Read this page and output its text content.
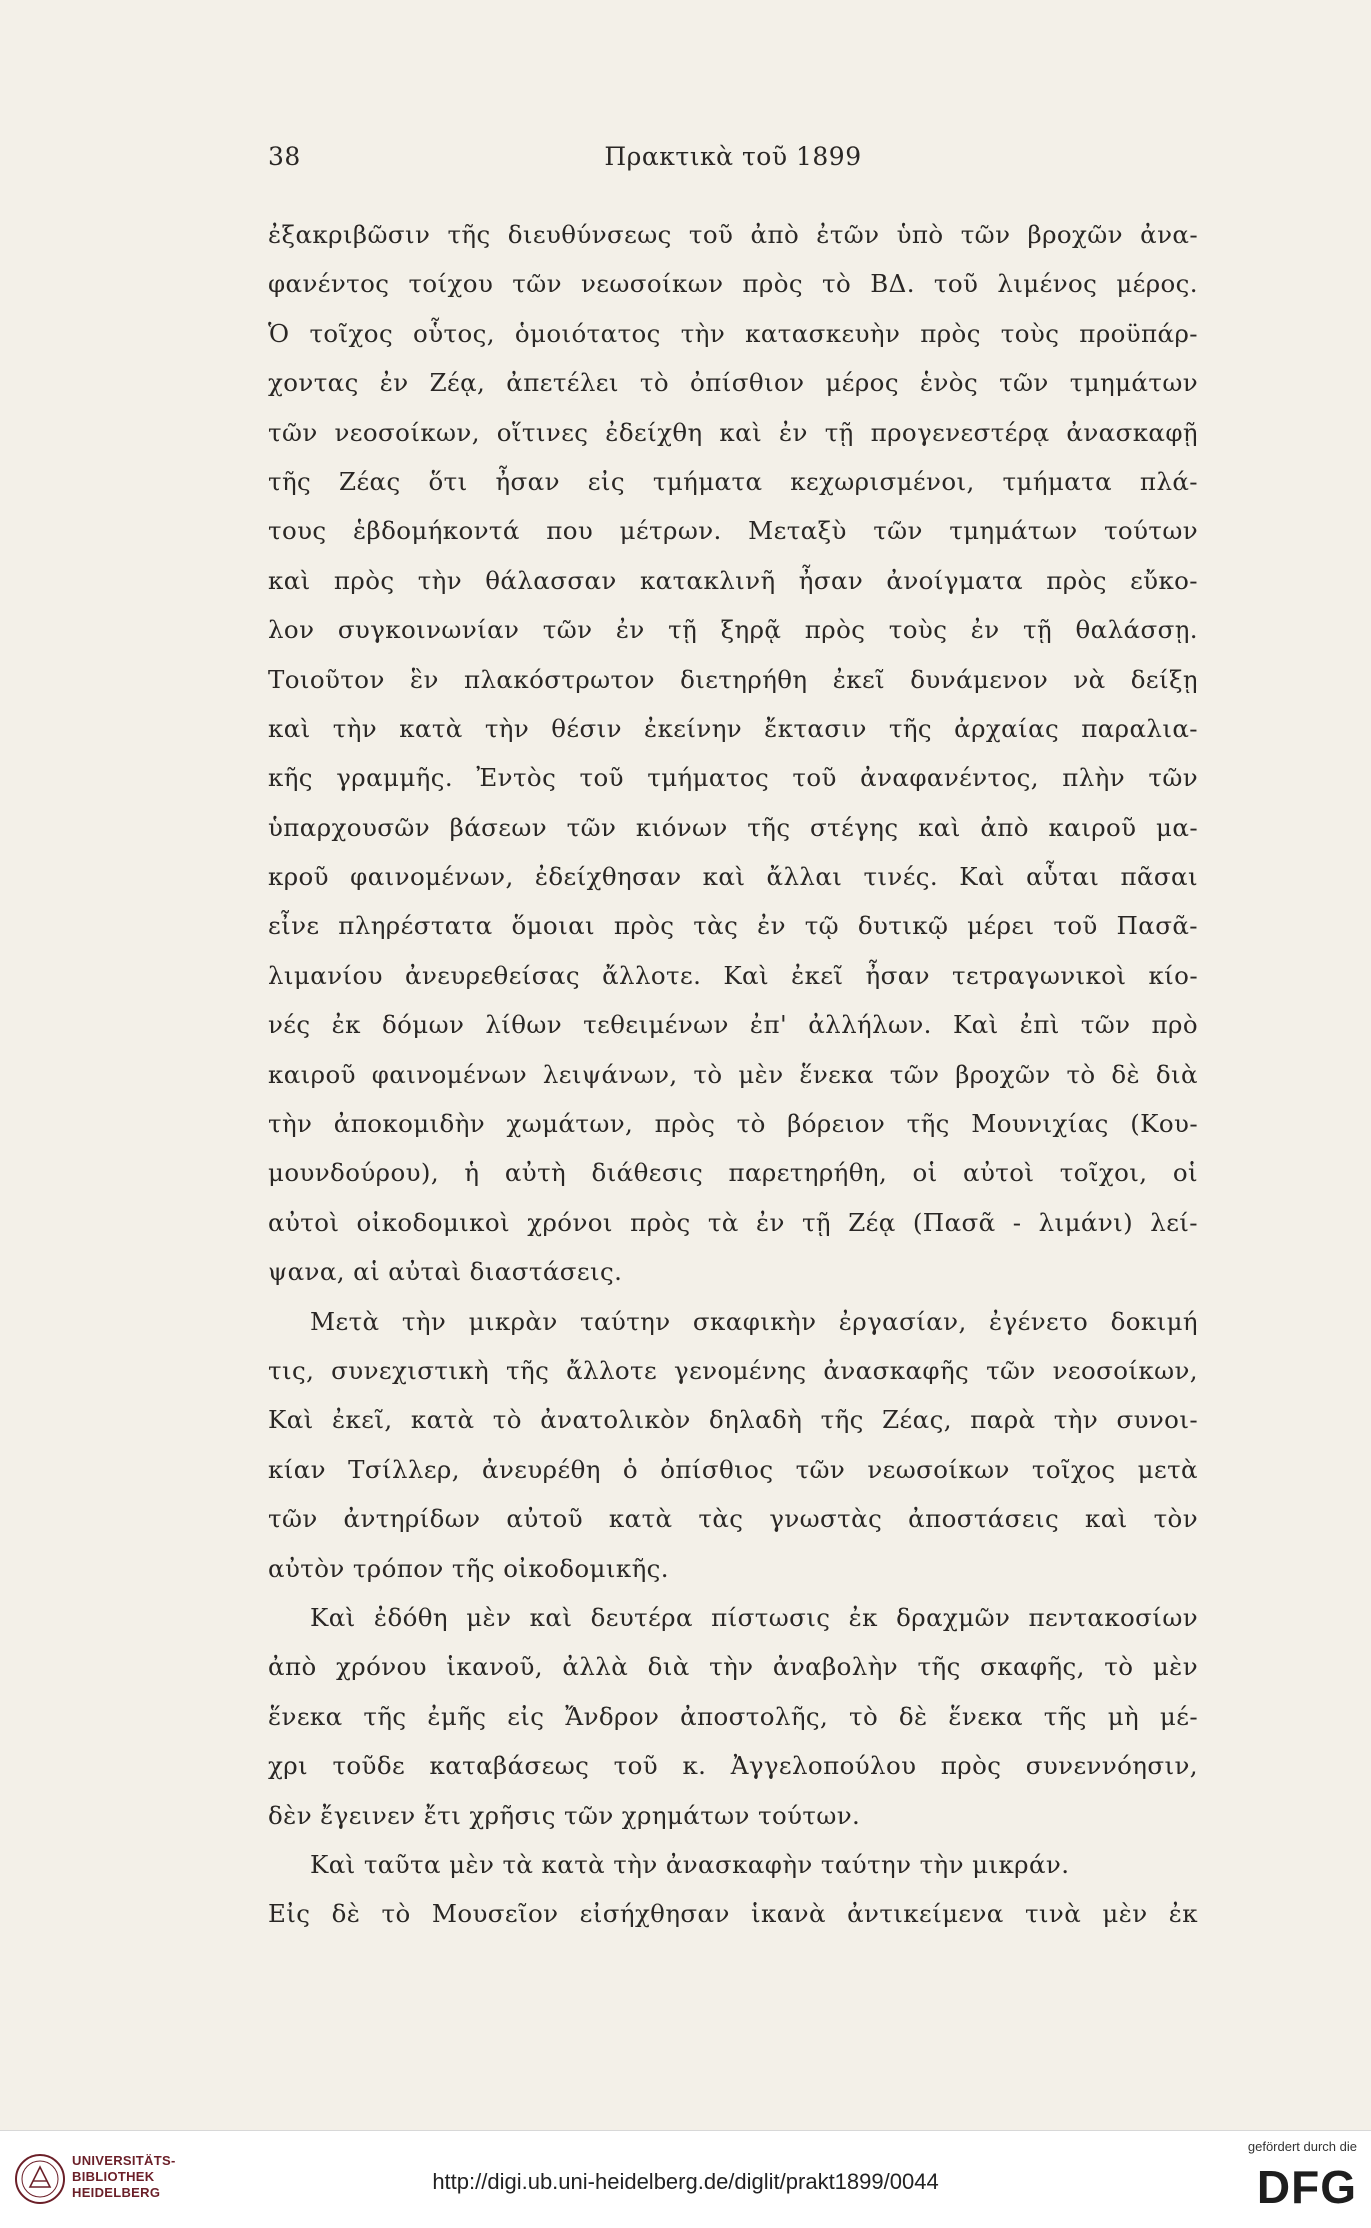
38	Πρακτικὰ τοῦ 1899
ἐξακριβῶσιν τῆς διευθύνσεως τοῦ ἀπὸ ἐτῶν ὑπὸ τῶν βροχῶν ἀνα-
φανέντος τοίχου τῶν νεωσοίκων πρὸς τὸ ΒΔ. τοῦ λιμένος μέρος.
Ὁ τοῖχος οὗτος, ὁμοιότατος τὴν κατασκευὴν πρὸς τοὺς προϋπάρ-
χοντας ἐν Ζέᾳ, ἀπετέλει τὸ ὀπίσθιον μέρος ἑνὸς τῶν τμημάτων
τῶν νεοσοίκων, οἵτινες ἐδείχθη καὶ ἐν τῇ προγενεστέρᾳ ἀνασκαφῇ
τῆς Ζέας ὅτι ἦσαν εἰς τμήματα κεχωρισμένοι, τμήματα πλά-
τους ἑβδομήκοντά που μέτρων. Μεταξὺ τῶν τμημάτων τούτων
καὶ πρὸς τὴν θάλασσαν κατακλινῆ ἦσαν ἀνοίγματα πρὸς εὔκο-
λον συγκοινωνίαν τῶν ἐν τῇ ξηρᾷ πρὸς τοὺς ἐν τῇ θαλάσσῃ.
Τοιοῦτον ἓν πλακόστρωτον διετηρήθη ἐκεῖ δυνάμενον νὰ δείξῃ
καὶ τὴν κατὰ τὴν θέσιν ἐκείνην ἔκτασιν τῆς ἀρχαίας παραλια-
κῆς γραμμῆς. Ἐντὸς τοῦ τμήματος τοῦ ἀναφανέντος, πλὴν τῶν
ὑπαρχουσῶν βάσεων τῶν κιόνων τῆς στέγης καὶ ἀπὸ καιροῦ μα-
κροῦ φαινομένων, ἐδείχθησαν καὶ ἄλλαι τινές. Καὶ αὗται πᾶσαι
εἶνε πληρέστατα ὅμοιαι πρὸς τὰς ἐν τῷ δυτικῷ μέρει τοῦ Πασᾶ-
λιμανίου ἀνευρεθείσας ἄλλοτε. Καὶ ἐκεῖ ἦσαν τετραγωνικοὶ κίο-
νές ἐκ δόμων λίθων τεθειμένων ἐπ' ἀλλήλων. Καὶ ἐπὶ τῶν πρὸ
καιροῦ φαινομένων λειψάνων, τὸ μὲν ἕνεκα τῶν βροχῶν τὸ δὲ διὰ
τὴν ἀποκομιδὴν χωμάτων, πρὸς τὸ βόρειον τῆς Μουνιχίας (Κου-
μουνδούρου), ἡ αὐτὴ διάθεσις παρετηρήθη, οἱ αὐτοὶ τοῖχοι, οἱ
αὐτοὶ οἰκοδομικοὶ χρόνοι πρὸς τὰ ἐν τῇ Ζέᾳ (Πασᾶ - λιμάνι) λεί-
ψανα, αἱ αὐταὶ διαστάσεις.
Μετὰ τὴν μικρὰν ταύτην σκαφικὴν ἐργασίαν, ἐγένετο δοκιμή
τις, συνεχιστικὴ τῆς ἄλλοτε γενομένης ἀνασκαφῆς τῶν νεοσοίκων,
Καὶ ἐκεῖ, κατὰ τὸ ἀνατολικὸν δηλαδὴ τῆς Ζέας, παρὰ τὴν συνοι-
κίαν Τσίλλερ, ἀνευρέθη ὁ ὀπίσθιος τῶν νεωσοίκων τοῖχος μετὰ
τῶν ἀντηρίδων αὐτοῦ κατὰ τὰς γνωστὰς ἀποστάσεις καὶ τὸν
αὐτὸν τρόπον τῆς οἰκοδομικῆς.
Καὶ ἐδόθη μὲν καὶ δευτέρα πίστωσις ἐκ δραχμῶν πεντακοσίων
ἀπὸ χρόνου ἱκανοῦ, ἀλλὰ διὰ τὴν ἀναβολὴν τῆς σκαφῆς, τὸ μὲν
ἕνεκα τῆς ἐμῆς εἰς Ἄνδρον ἀποστολῆς, τὸ δὲ ἕνεκα τῆς μὴ μέ-
χρι τοῦδε καταβάσεως τοῦ κ. Ἀγγελοπούλου πρὸς συνεννόησιν,
δὲν ἔγεινεν ἔτι χρῆσις τῶν χρημάτων τούτων.
Καὶ ταῦτα μὲν τὰ κατὰ τὴν ἀνασκαφὴν ταύτην τὴν μικράν.
Εἰς δὲ τὸ Μουσεῖον εἰσήχθησαν ἱκανὰ ἀντικείμενα τινὰ μὲν ἐκ
UNIVERSITÄTS-
BIBLIOTHEK
HEIDELBERG	http://digi.ub.uni-heidelberg.de/diglit/prakt1899/0044
gefördert durch die
DFG
